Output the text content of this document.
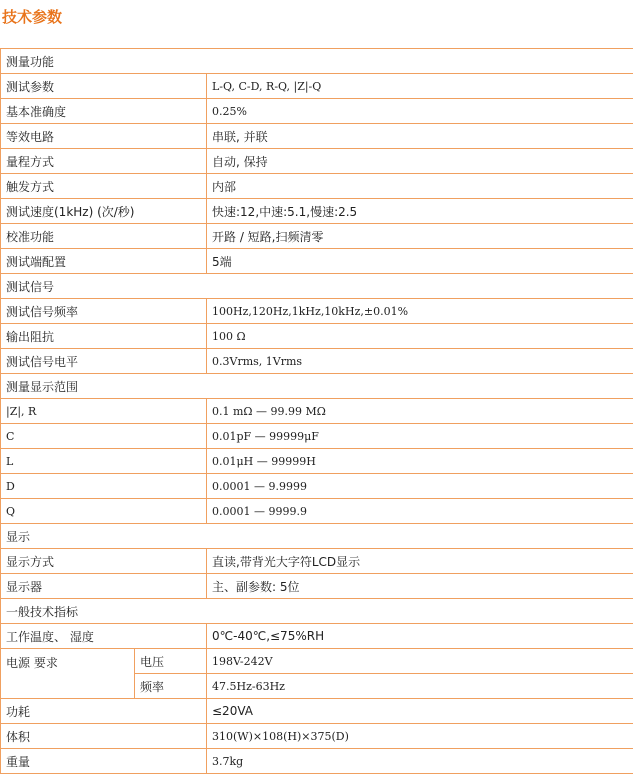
技术参数
测量功能		
测试参数		L-Q, C-D, R-Q, |Z|-Q
基本准确度		0.25%
等效电路		串联, 并联
量程方式		自动, 保持
触发方式		内部
测试速度(1kHz) (次/秒)		快速:12,中速:5.1,慢速:2.5
校准功能		开路 / 短路,扫频清零
测试端配置		5端
测试信号		
测试信号频率		100Hz,120Hz,1kHz,10kHz,±0.01%
输出阻抗		100 Ω
测试信号电平		0.3Vrms, 1Vrms
测量显示范围		
|Z|, R		0.1 mΩ — 99.99 MΩ
C		0.01pF — 99999μF
L		0.01μH — 99999H
D		0.0001 — 9.9999
Q		0.0001 — 9999.9
显示		
显示方式		直读,带背光大字符LCD显示
显示器		主、副参数: 5位
一般技术指标		
工作温度、 湿度		0℃-40℃,≤75%RH
电源 要求	电压	198V-242V
	频率	47.5Hz-63Hz
功耗		≤20VA
体积		310(W)×108(H)×375(D)
重量		3.7kg
